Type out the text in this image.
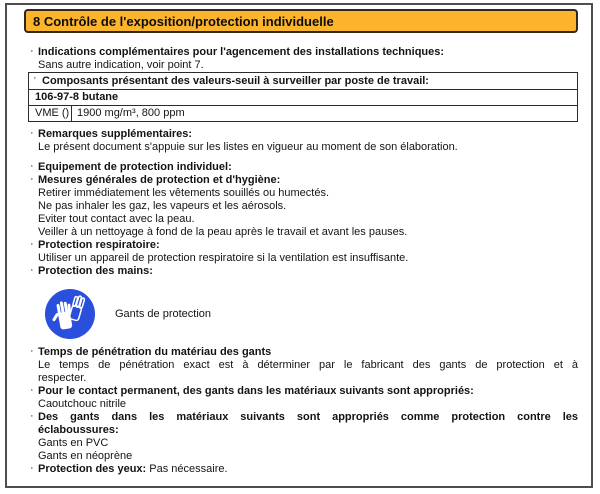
8 Contrôle de l'exposition/protection individuelle
· Indications complémentaires pour l'agencement des installations techniques:
Sans autre indication, voir point 7.
· Composants présentant des valeurs-seuil à surveiller par poste de travail:
106-97-8 butane
VME () 1900 mg/m³, 800 ppm
· Remarques supplémentaires:
Le présent document s'appuie sur les listes en vigueur au moment de son élaboration.
· Equipement de protection individuel:
· Mesures générales de protection et d'hygiène:
Retirer immédiatement les vêtements souillés ou humectés.
Ne pas inhaler les gaz, les vapeurs et les aérosols.
Eviter tout contact avec la peau.
Veiller à un nettoyage à fond de la peau après le travail et avant les pauses.
· Protection respiratoire:
Utiliser un appareil de protection respiratoire si la ventilation est insuffisante.
· Protection des mains:
Gants de protection
· Temps de pénétration du matériau des gants
Le temps de pénétration exact est à déterminer par le fabricant des gants de protection et à
respecter.
· Pour le contact permanent, des gants dans les matériaux suivants sont appropriés:
Caoutchouc nitrile
· Des gants dans les matériaux suivants sont appropriés comme protection contre les
éclaboussures:
Gants en PVC
Gants en néoprène
· Protection des yeux: Pas nécessaire.
